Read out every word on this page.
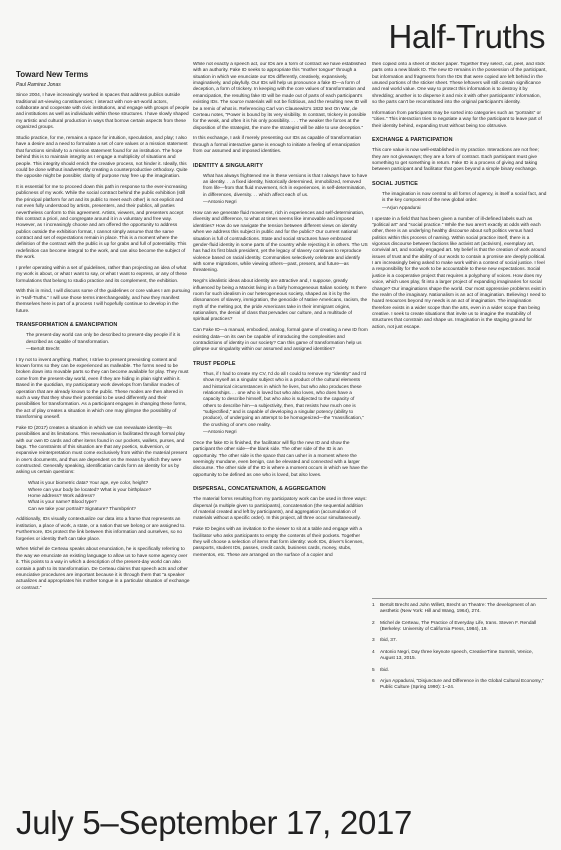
Half-Truths
Toward New Terms
Paul Ramirez Jonas

Since 2004, I have increasingly worked in spaces that address publics outside traditional art-viewing constituencies; I interact with non-art-world actors, collaborate and cooperate with civic institutions, and engage with groups of people and institutions as well as individuals within these structures. I have slowly shaped my artistic and cultural production in ways that borrow certain aspects from these organized groups.

Studio practice, for me, remains a space for intuition, speculation, and play; I also have a desire and a need to formulate a set of core values or a mission statement that functions similarly to a mission statement found for an institution. The hope behind this is to maintain integrity as I engage a multiplicity of situations and people. This integrity should enrich the creative process, not hinder it. Ideally, this could be done without inadvertently creating a counterproductive orthodoxy. Quite the opposite might be possible; clarity of purpose may free up the imagination.

It is essential for me to proceed down this path in response to the ever-increasing publicness of my work. While the social contract behind the public exhibition (still the principal platform for art and its public to meet each other) is not explicit and not even fully understood by artists, presenters, and their publics, all parties nevertheless conform to this agreement. Artists, viewers, and presenters accept this contract a priori, and congregate around it in a voluntary and free way. However, as I increasingly choose and am offered the opportunity to address publics outside the exhibition format, I cannot simply assume that the same contract and set of expectations remain in place. This is a moment where the definition of the contract with the public is up for grabs and full of potentiality. This redefinition can become integral to the work, and can also become the subject of the work.

I prefer operating within a set of guidelines, rather than projecting an idea of what my work is about, or what I want to say, or what I want to express, or any of these formulations that belong to studio practice and its complement, the exhibition.

With this in mind, I will discuss some of the guidelines or core values I am pursuing in "Half-Truths." I will use those terms interchangeably, and how they manifest themselves here is part of a process I will hopefully continue to develop in the future.

TRANSFORMATION & EMANCIPATION
The present-day world can only be described to present-day people if it is described as capable of transformation.
—Bertolt Brecht

I try not to invent anything. Rather, I strive to present preexisting content and known forms so they can be experienced as malleable. The forms need to be broken down into movable parts so they can become available for play. They must come from the present-day world, even if they are hiding in plain sight within it. Based in the quotidian, my participatory work develops from familiar modes of operation that are already known to the public. These modes are then altered in such a way that they show their potential to be used differently and their possibilities for transformation. As a participant engages in changing these forms, the act of play creates a situation in which one may glimpse the possibility of transforming oneself.

Fake ID (2017) creates a situation in which we can reevaluate identity—its possibilities and its limitations. This reevaluation is facilitated through formal play with our own ID cards and other items found in our pockets, wallets, purses, and bags. The constraints of this situation are that any poetics, subversion, or expansive reinterpretation must come exclusively from within the material present in one's documents, and thus are dependent on the means by which they were constructed. Generally speaking, identification cards form an identity for us by asking us certain questions:

What is your biometric data? Your age, eye color, height?
Where can your body be located? What is your birthplace?
Home address? Work address?
What is your name? Blood type?
Can we take your portrait? Signature? Thumbprint?

Additionally, IDs visually contextualize our data into a frame that represents an institution, a place of work, a state, or a nation that we belong or are assigned to. Furthermore, IDs protect the link between this information and ourselves, so no forgeries or identity theft can take place.

When Michel de Certeau speaks about enunciation, he is specifically referring to the way we enunciate an existing language to allow us to have some agency over it. This points to a way in which a description of the present-day world can also contain a path to its transformation. De Certeau claims that speech acts and other enunciative procedures are important because it is through them that "a speaker actualizes and appropriates his mother tongue in a particular situation of exchange or contract."

While not exactly a speech act, our IDs are a form of contract we have established with an authority. Fake ID seeks to appropriate this "mother tongue" through a situation in which we enunciate our IDs differently, creatively, expansively, imaginatively, and playfully. Our IDs will help us pronounce a fake ID—a form of deception, a form of trickery. In keeping with the core values of transformation and emancipation, the resulting fake ID will be made out of parts of each participant's existing IDs. The source materials will not be fictitious, and the resulting new ID will be a remix of what is. Referencing Carl von Clausewitz's 1832 text On War, de Certeau notes, "Power is bound by its very visibility. In contrast, trickery is possible for the weak, and often it is his only possibility. . . . The weaker the forces at the disposition of the strategist, the more the strategist will be able to use deception."

In this exchange, I ask if merely presenting our IDs as capable of transformation through a formal interactive game is enough to initiate a feeling of emancipation from our assumed and imposed identities.

IDENTITY & SINGULARITY
What has always frightened me in these versions is that I always have to have an identity. . . a fixed identity, historically determined, immobilized, removed from life—from that fluid movement, rich in experiences, in self-determination, in differences, diversity. . . which affect each of us.
—Antonio Negri

How can we generate fluid movement, rich in experiences and self-determination, diversity and difference, to what at times seems like immovable and imposed identities? How do we navigate the tension between different views on identity when we address this subject in public and for the public? Our current national situation is full of contradictions. State and social structures have embraced gender-fluid identity in some parts of the country while rejecting it in others. The US has had its first black president, yet the legacy of slavery continues to reproduce violence based on racial identity. Communities selectively celebrate and identify with some migrations, while viewing others—past, present, and future—as threatening.

Negri's idealistic ideas about identity are attractive and, I suppose, greatly influenced by being a Marxist living in a fairly homogeneous Italian society. Is there room for such idealism in our heterogeneous society, shaped as it is by the dissonances of slavery, immigration, the genocide of Native Americans, racism, the myth of the melting pot, the pride Americans take in their immigrant origins, nationalism, the denial of class that pervades our culture, and a multitude of spiritual practices?

Can Fake ID—a manual, embodied, analog, formal game of creating a new ID from existing data—on its own be capable of introducing the complexities and contradictions of identity in our society? Can this game of transformation help us glimpse our singularity within our assumed and assigned identities?

TRUST PEOPLE
Thus, if I had to create my CV, I'd do all I could to remove my "identity" and I'd show myself as a singular subject who is a product of the cultural elements and historical circumstances in which he lives, but who also produces these relationships. . . one who is loved but who also loves, who does have a capacity to describe himself, but who also is subjected to the capacity of others to describe him—a subjectivity, then, that resists how much one is "subjectified," and is capable of developing a singular potency (ability to produce), of undergoing an attempt to be homogenized—the "massification," the crushing of one's one reality.
—Antonio Negri

Once the fake ID is finished, the facilitator will flip the new ID and show the participant the other side—the blank side. The other side of the ID is an opportunity. The other side is the space that can usher in a moment where the seemingly mundane, even benign, can be elevated and connected with a larger discourse. The other side of the ID is where a moment occurs in which we have the opportunity to be defined as one who is loved, but also loves.

DISPERSAL, CONCATENATION, & AGGREGATION

The material forms resulting from my participatory work can be used in three ways: dispersal (a multiple given to participants), concatenation (the sequential addition of material created and left by participants), and aggregation (accumulation of materials without a specific order). In this project, all three occur simultaneously.

Fake ID begins with an invitation to the viewer to sit at a table and engage with a facilitator who asks participants to empty the contents of their pockets. Together they will choose a selection of items that form identity: work IDs, driver's licenses, passports, student IDs, passes, credit cards, business cards, money, stubs, mementos, etc. These are arranged on the surface of a copier and

then copied onto a sheet of sticker paper. Together they select, cut, peel, and stick parts onto a new blank ID. The new ID remains in the possession of the participant, but information and fragments from the IDs that were copied are left behind in the unused portions of the sticker sheet. These leftovers will still contain significance and real world value. One way to protect this information is to destroy it by shredding; another is to disperse it and mix it with other participants' information, so the parts can't be reconstituted into the original participant's identity.

Information from participants may be sorted into categories such as "portraits" or "cities." This interaction tries to negotiate a way for the participant to leave part of their identity behind, expanding trust without being too obtrusive.

EXCHANGE & PARTICIPATION

This core value is now well-established in my practice. Interactions are not free; they are not giveaways; they are a form of contract. Each participant must give something to get something in return. Fake ID is a process of giving and taking between participant and facilitator that goes beyond a simple binary exchange.

SOCIAL JUSTICE
The imagination is now central to all forms of agency, is itself a social fact, and is the key component of the new global order.
—Arjun Appadurai

I operate in a field that has been given a number of ill-defined labels such as "political art" and "social practice." While the two aren't exactly at odds with each other, there is an underlying healthy discourse about soft politics versus hard politics within this process of naming. Within social practice itself, there is a vigorous discourse between factions like activist art (activism), exemplary art, convivial art, and socially engaged art. My belief is that the creation of work around issues of trust and the ability of our words to contain a promise are deeply political. I am increasingly being asked to make work within a context of social justice. I feel a responsibility for the work to be accountable to these new expectations. Social justice is a cooperative project that requires a polyphony of voices. How does my voice, which uses play, fit into a larger project of expanding imaginaries for social change? Our imaginations shape the world. Our most oppressive problems exist in the realm of the imaginary. Nationalism is an act of imagination. Believing I need to hoard resources beyond my needs is an act of imagination. The imagination therefore exists in a wider scope than the arts, even in a wider scope than being creative. I seek to create situations that invite us to imagine the mutability of structures that constrain and shape us. Imagination is the staging ground for action, not just escape.

1	Bertolt Brecht and John Willett, Brecht on Theatre: The development of an aesthetic (New York: Hill and Wang, 1964), 274.
2	Michel de Certeau, The Practice of Everyday Life, trans. Steven F. Rendall (Berkeley: University of California Press, 1984), 19.
3	Ibid, 37.
4	Antonio Negri, Day three keynote speech, CreativeTime Summit, Venice, August 13, 2015.
5	Ibid.
6	Arjun Appadurai, "Disjuncture and Difference in the Global Cultural Economy," Public Culture (Spring 1990): 1–24.
July 5–September 17, 2017
